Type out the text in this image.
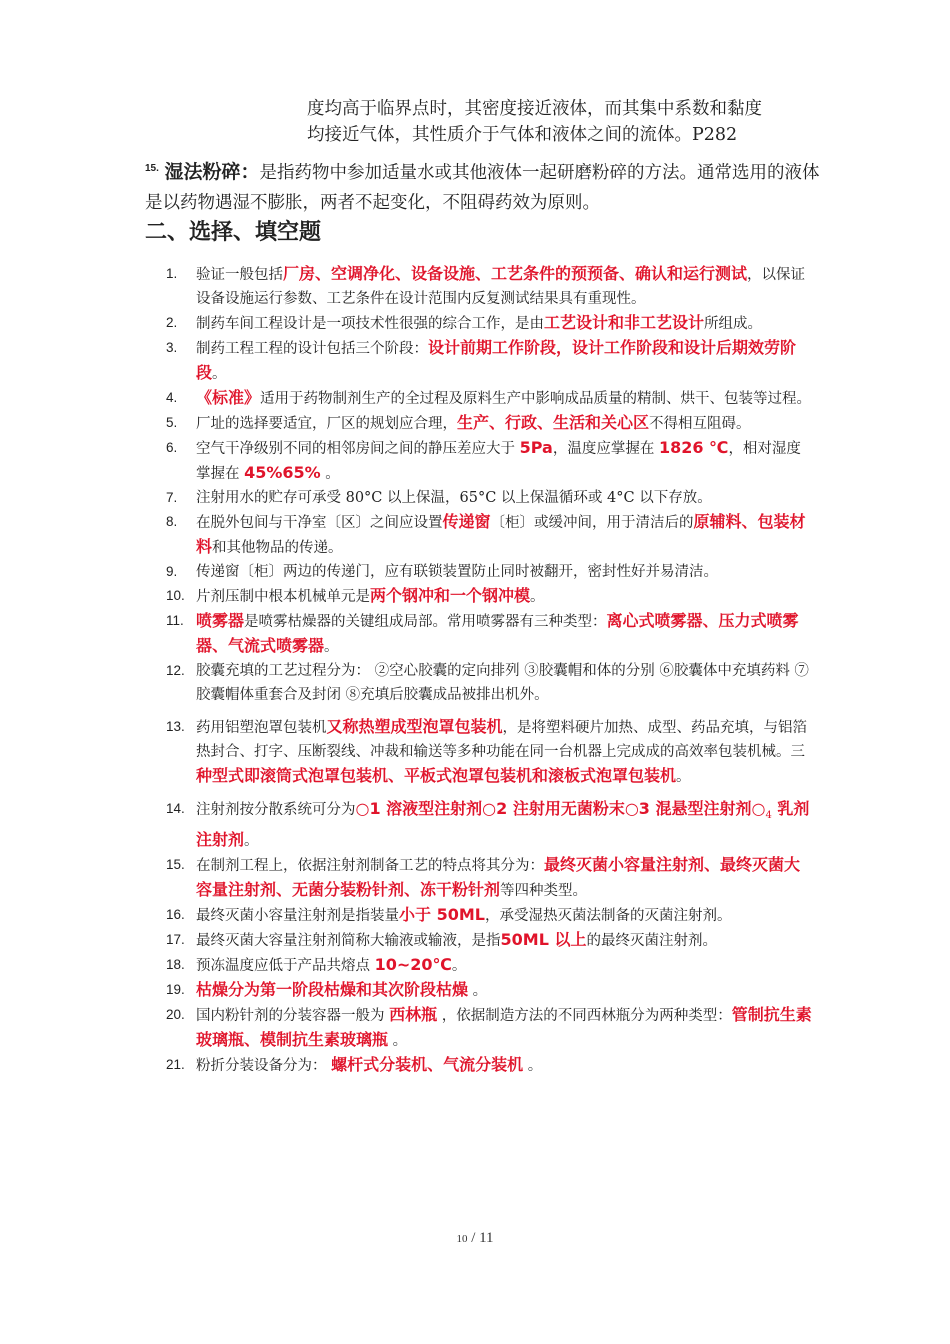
度均高于临界点时，其密度接近液体，而其集中系数和黏度
均接近气体，其性质介于气体和液体之间的流体。P282
$^{15.}$ 湿法粉碎：是指药物中参加适量水或其他液体一起研磨粉碎的方法。通常选用的液体是以药物遇湿不膨胀，两者不起变化，不阻碍药效为原则。
二、选择、填空题
1. 验证一般包括厂房、空调净化、设备设施、工艺条件的预预备、确认和运行测试，以保证设备设施运行参数、工艺条件在设计范围内反复测试结果具有重现性。
2. 制药车间工程设计是一项技术性很强的综合工作，是由工艺设计和非工艺设计所组成。
3. 制药工程工程的设计包括三个阶段：设计前期工作阶段，设计工作阶段和设计后期效劳阶段。
4. 《标准》适用于药物制剂生产的全过程及原料生产中影响成品质量的精制、烘干、包装等过程。
5. 厂址的选择要适宜，厂区的规划应合理，生产、行政、生活和关心区不得相互阻碍。
6. 空气干净级别不同的相邻房间之间的静压差应大于 5Pa，温度应掌握在 1826 ℃，相对湿度掌握在 45%65% 。
7. 注射用水的贮存可承受 80°C 以上保温，65°C 以上保温循环或 4°C 以下存放。
8. 在脱外包间与干净室〔区〕之间应设置传递窗〔柜〕或缓冲间，用于清洁后的原辅料、包装材料和其他物品的传递。
9. 传递窗〔柜〕两边的传递门，应有联锁装置防止同时被翻开，密封性好并易清洁。
10. 片剂压制中根本机械单元是两个钢冲和一个钢冲模。
11. 喷雾器是喷雾枯燥器的关键组成局部。常用喷雾器有三种类型：离心式喷雾器、压力式喷雾器、气流式喷雾器。
12. 胶囊充填的工艺过程分为： ②空心胶囊的定向排列 ③胶囊帽和体的分别 ⑥胶囊体中充填药料 ⑦胶囊帽体重套合及封闭 ⑧充填后胶囊成品被排出机外。
13. 药用铝塑泡罩包装机又称热塑成型泡罩包装机，是将塑料硬片加热、成型、药品充填，与铝箔热封合、打字、压断裂线、冲裁和输送等多种功能在同一台机器上完成成的高效率包装机械。三种型式即滚筒式泡罩包装机、平板式泡罩包装机和滚板式泡罩包装机。
14. 注射剂按分散系统可分为○1 溶液型注射剂○2 注射用无菌粉末○3 混悬型注射剂$○_4$ 乳剂注射剂。
15. 在制剂工程上，依据注射剂制备工艺的特点将其分为：最终灭菌小容量注射剂、最终灭菌大容量注射剂、无菌分装粉针剂、冻干粉针剂等四种类型。
16. 最终灭菌小容量注射剂是指装量小于 50ML，承受湿热灭菌法制备的灭菌注射剂。
17. 最终灭菌大容量注射剂简称大输液或输液，是指50ML 以上的最终灭菌注射剂。
18. 预冻温度应低于产品共熔点 10~20℃。
19. 枯燥分为第一阶段枯燥和其次阶段枯燥 。
20. 国内粉针剂的分装容器一般为 西林瓶 ，依据制造方法的不同西林瓶分为两种类型：管制抗生素玻璃瓶、模制抗生素玻璃瓶 。
21. 粉折分装设备分为： 螺杆式分装机、气流分装机 。
10 / 11
